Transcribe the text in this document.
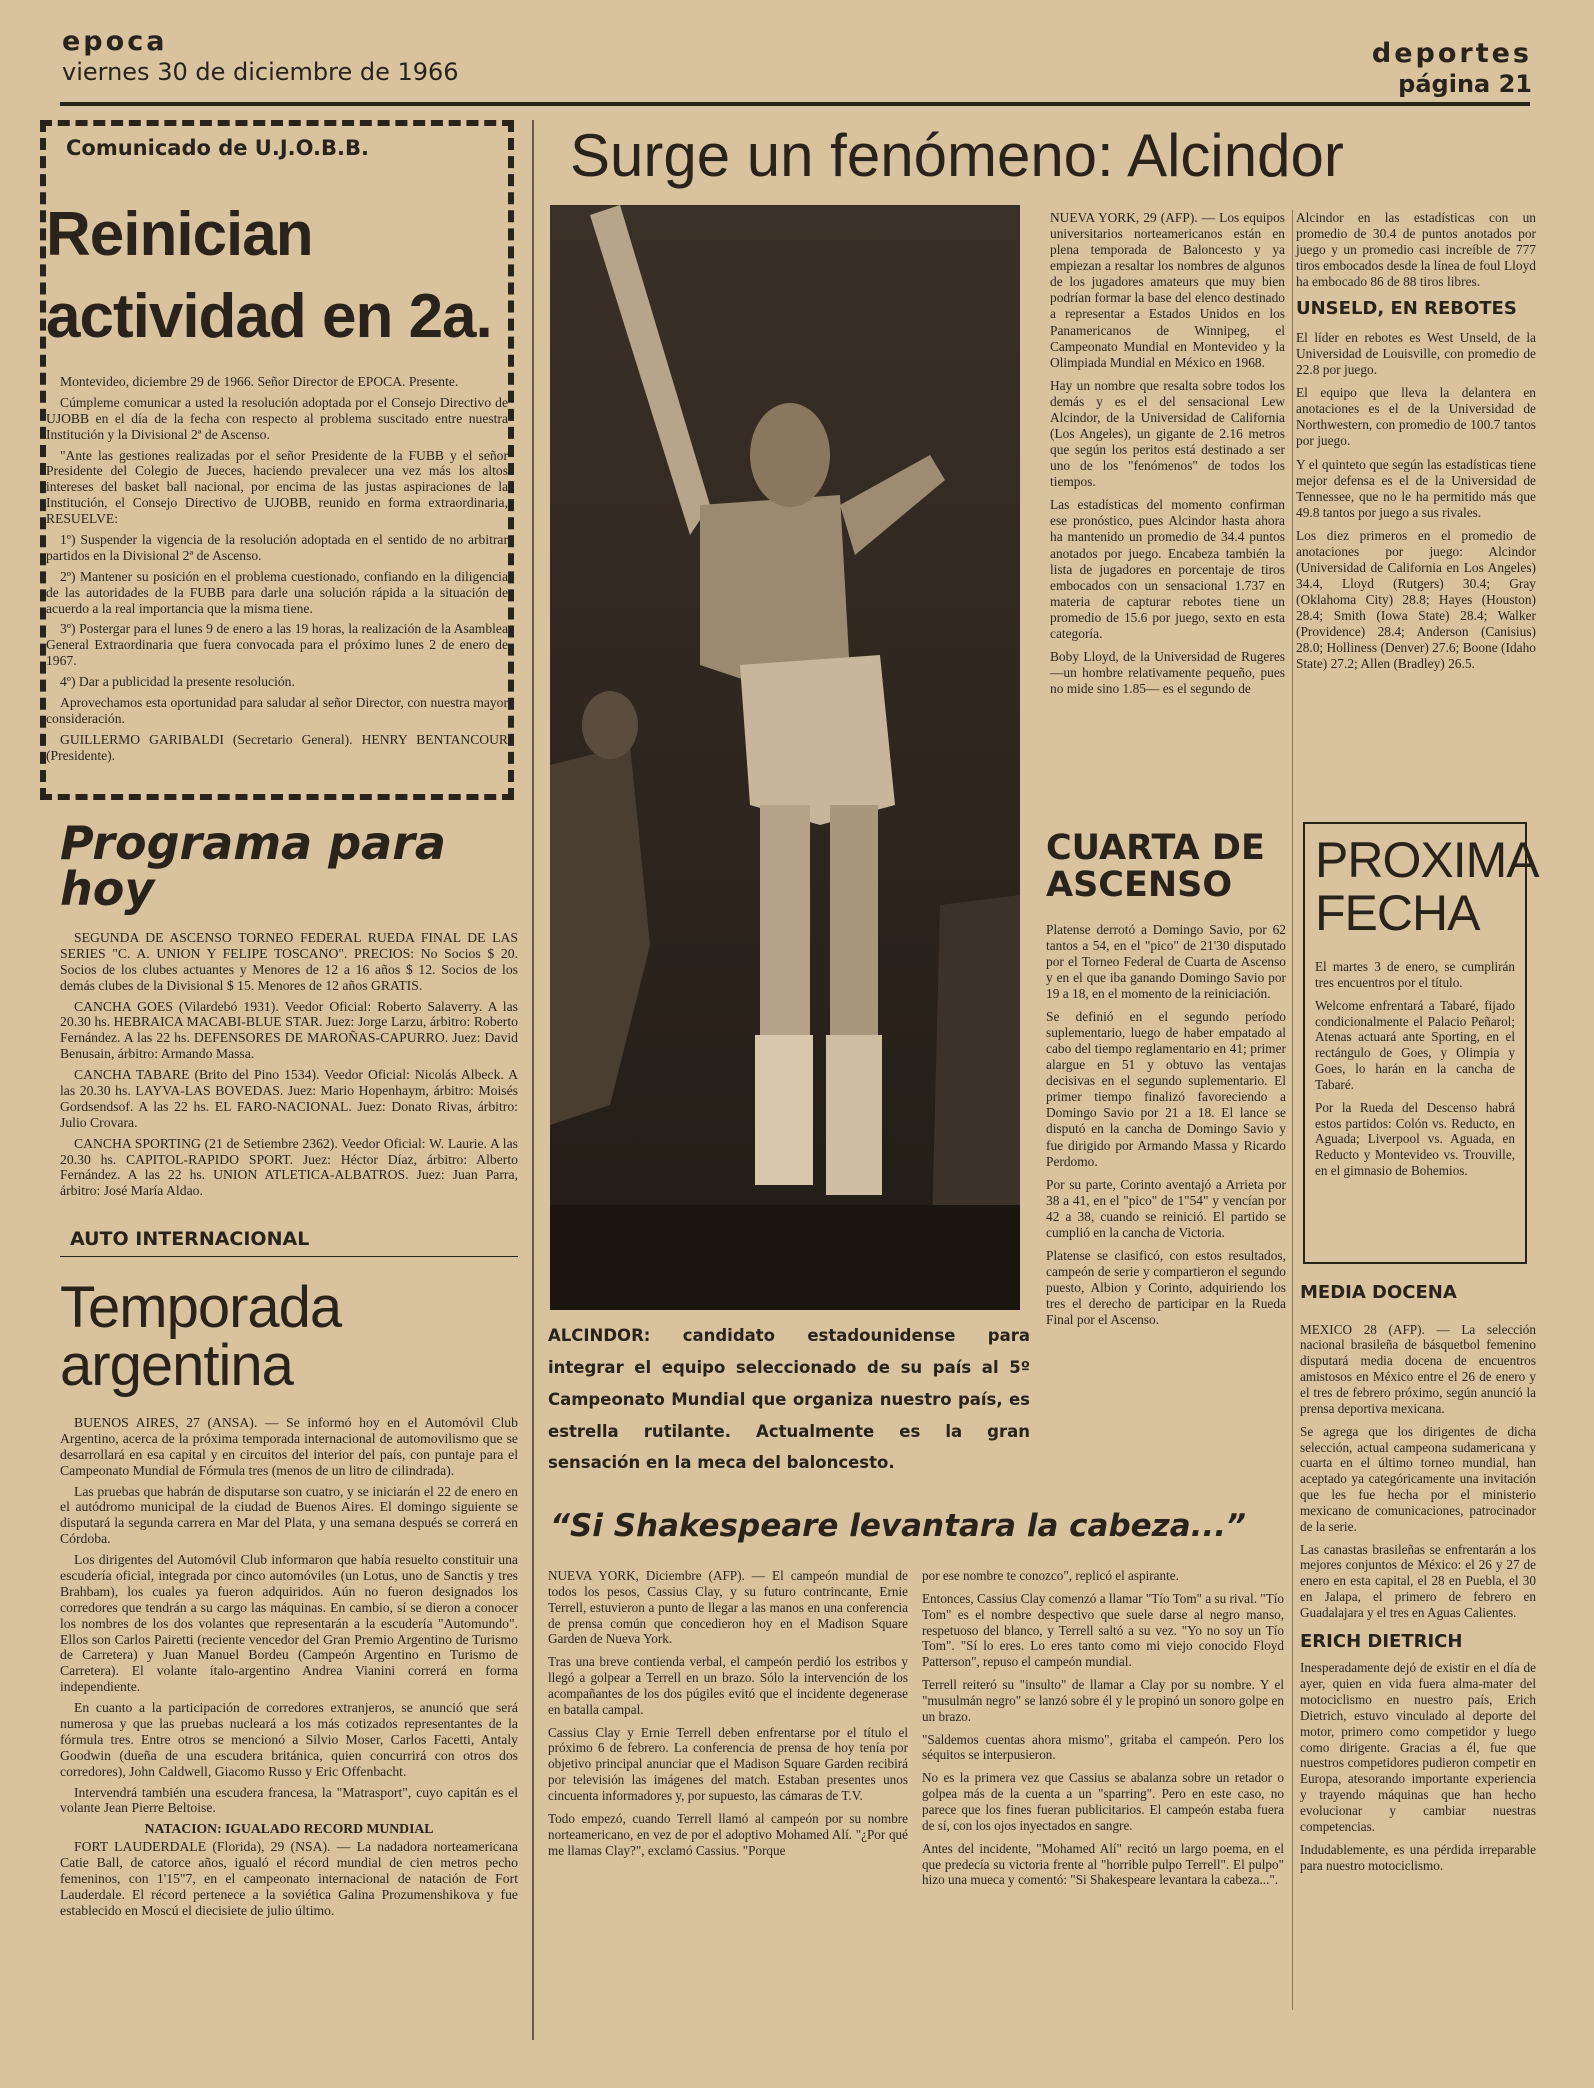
epoca
viernes 30 de diciembre de 1966
deportes
página 21
Comunicado de U.J.O.B.B.
Reinician
actividad en 2a.

Montevideo, diciembre 29 de 1966. Señor Director de EPOCA. Presente.

Cúmpleme comunicar a usted la resolución adoptada por el Consejo Directivo de UJOBB en el día de la fecha con respecto al problema suscitado entre nuestra Institución y la Divisional 2ª de Ascenso.

"Ante las gestiones realizadas por el señor Presidente de la FUBB y el señor Presidente del Colegio de Jueces, haciendo prevalecer una vez más los altos intereses del basket ball nacional, por encima de las justas aspiraciones de la Institución, el Consejo Directivo de UJOBB, reunido en forma extraordinaria, RESUELVE:

1º) Suspender la vigencia de la resolución adoptada en el sentido de no arbitrar partidos en la Divisional 2ª de Ascenso.

2º) Mantener su posición en el problema cuestionado, confiando en la diligencia de las autoridades de la FUBB para darle una solución rápida a la situación de acuerdo a la real importancia que la misma tiene.

3º) Postergar para el lunes 9 de enero a las 19 horas, la realización de la Asamblea General Extraordinaria que fuera convocada para el próximo lunes 2 de enero de 1967.

4º) Dar a publicidad la presente resolución.

Aprovechamos esta oportunidad para saludar al señor Director, con nuestra mayor consideración.

GUILLERMO GARIBALDI (Secretario General). HENRY BENTANCOUR (Presidente).

Programa para hoy

SEGUNDA DE ASCENSO TORNEO FEDERAL RUEDA FINAL DE LAS SERIES "C. A. UNION Y FELIPE TOSCANO". PRECIOS: No Socios $ 20. Socios de los clubes actuantes y Menores de 12 a 16 años $ 12. Socios de los demás clubes de la Divisional $ 15. Menores de 12 años GRATIS.

CANCHA GOES (Vilardebó 1931). Veedor Oficial: Roberto Salaverry. A las 20.30 hs. HEBRAICA MACABI-BLUE STAR. Juez: Jorge Larzu, árbitro: Roberto Fernández. A las 22 hs. DEFENSORES DE MAROÑAS-CAPURRO. Juez: David Benusain, árbitro: Armando Massa.

CANCHA TABARE (Brito del Pino 1534). Veedor Oficial: Nicolás Albeck. A las 20.30 hs. LAYVA-LAS BOVEDAS. Juez: Mario Hopenhaym, árbitro: Moisés Gordsendsof. A las 22 hs. EL FARO-NACIONAL. Juez: Donato Rivas, árbitro: Julio Crovara.

CANCHA SPORTING (21 de Setiembre 2362). Veedor Oficial: W. Laurie. A las 20.30 hs. CAPITOL-RAPIDO SPORT. Juez: Héctor Díaz, árbitro: Alberto Fernández. A las 22 hs. UNION ATLETICA-ALBATROS. Juez: Juan Parra, árbitro: José María Aldao.

AUTO INTERNACIONAL
Temporada argentina

BUENOS AIRES, 27 (ANSA). — Se informó hoy en el Automóvil Club Argentino, acerca de la próxima temporada internacional de automovilismo que se desarrollará en esa capital y en circuitos del interior del país, con puntaje para el Campeonato Mundial de Fórmula tres (menos de un litro de cilindrada).

Las pruebas que habrán de disputarse son cuatro, y se iniciarán el 22 de enero en el autódromo municipal de la ciudad de Buenos Aires. El domingo siguiente se disputará la segunda carrera en Mar del Plata, y una semana después se correrá en Córdoba.

Los dirigentes del Automóvil Club informaron que había resuelto constituir una escudería oficial, integrada por cinco automóviles (un Lotus, uno de Sanctis y tres Brahbam), los cuales ya fueron adquiridos. Aún no fueron designados los corredores que tendrán a su cargo las máquinas. En cambio, sí se dieron a conocer los nombres de los dos volantes que representarán a la escudería "Automundo". Ellos son Carlos Pairetti (reciente vencedor del Gran Premio Argentino de Turismo de Carretera) y Juan Manuel Bordeu (Campeón Argentino en Turismo de Carretera). El volante ítalo-argentino Andrea Vianini correrá en forma independiente.

En cuanto a la participación de corredores extranjeros, se anunció que será numerosa y que las pruebas nucleará a los más cotizados representantes de la fórmula tres. Entre otros se mencionó a Silvio Moser, Carlos Facetti, Antaly Goodwin (dueña de una escudera británica, quien concurrirá con otros dos corredores), John Caldwell, Giacomo Russo y Eric Offenbacht.

Intervendrá también una escudera francesa, la "Matrasport", cuyo capitán es el volante Jean Pierre Beltoise.

NATACION: IGUALADO RECORD MUNDIAL

FORT LAUDERDALE (Florida), 29 (NSA). — La nadadora norteamericana Catie Ball, de catorce años, igualó el récord mundial de cien metros pecho femeninos, con 1'15"7, en el campeonato internacional de natación de Fort Lauderdale. El récord pertenece a la soviética Galina Prozumenshikova y fue establecido en Moscú el diecisiete de julio último.

Surge un fenómeno: Alcindor
ALCINDOR: candidato estadounidense para integrar el equipo seleccionado de su país al 5º Campeonato Mundial que organiza nuestro país, es estrella rutilante. Actualmente es la gran sensación en la meca del baloncesto.

NUEVA YORK, 29 (AFP). — Los equipos universitarios norteamericanos están en plena temporada de Baloncesto y ya empiezan a resaltar los nombres de algunos de los jugadores amateurs que muy bien podrían formar la base del elenco destinado a representar a Estados Unidos en los Panamericanos de Winnipeg, el Campeonato Mundial en Montevideo y la Olimpiada Mundial en México en 1968.

Hay un nombre que resalta sobre todos los demás y es el del sensacional Lew Alcindor, de la Universidad de California (Los Angeles), un gigante de 2.16 metros que según los peritos está destinado a ser uno de los "fenómenos" de todos los tiempos.

Las estadísticas del momento confirman ese pronóstico, pues Alcindor hasta ahora ha mantenido un promedio de 34.4 puntos anotados por juego. Encabeza también la lista de jugadores en porcentaje de tiros embocados con un sensacional 1.737 en materia de capturar rebotes tiene un promedio de 15.6 por juego, sexto en esta categoría.

Boby Lloyd, de la Universidad de Rugeres —un hombre relativamente pequeño, pues no mide sino 1.85— es el segundo de

Alcindor en las estadísticas con un promedio de 30.4 de puntos anotados por juego y un promedio casi increíble de 777 tiros embocados desde la línea de foul Lloyd ha embocado 86 de 88 tiros libres.

UNSELD, EN REBOTES

El líder en rebotes es West Unseld, de la Universidad de Louisville, con promedio de 22.8 por juego.

El equipo que lleva la delantera en anotaciones es el de la Universidad de Northwestern, con promedio de 100.7 tantos por juego.

Y el quinteto que según las estadísticas tiene mejor defensa es el de la Universidad de Tennessee, que no le ha permitido más que 49.8 tantos por juego a sus rivales.

Los diez primeros en el promedio de anotaciones por juego: Alcindor (Universidad de California en Los Angeles) 34.4, Lloyd (Rutgers) 30.4; Gray (Oklahoma City) 28.8; Hayes (Houston) 28.4; Smith (Iowa State) 28.4; Walker (Providence) 28.4; Anderson (Canisius) 28.0; Holliness (Denver) 27.6; Boone (Idaho State) 27.2; Allen (Bradley) 26.5.

CUARTA DE
ASCENSO

Platense derrotó a Domingo Savio, por 62 tantos a 54, en el "pico" de 21'30 disputado por el Torneo Federal de Cuarta de Ascenso y en el que iba ganando Domingo Savio por 19 a 18, en el momento de la reiniciación.

Se definió en el segundo período suplementario, luego de haber empatado al cabo del tiempo reglamentario en 41; primer alargue en 51 y obtuvo las ventajas decisivas en el segundo suplementario. El primer tiempo finalizó favoreciendo a Domingo Savio por 21 a 18. El lance se disputó en la cancha de Domingo Savio y fue dirigido por Armando Massa y Ricardo Perdomo.

Por su parte, Corinto aventajó a Arrieta por 38 a 41, en el "pico" de 1"54" y vencían por 42 a 38, cuando se reinició. El partido se cumplió en la cancha de Victoria.

Platense se clasificó, con estos resultados, campeón de serie y compartieron el segundo puesto, Albion y Corinto, adquiriendo los tres el derecho de participar en la Rueda Final por el Ascenso.

PROXIMA
FECHA

El martes 3 de enero, se cumplirán tres encuentros por el título.

Welcome enfrentará a Tabaré, fijado condicionalmente el Palacio Peñarol; Atenas actuará ante Sporting, en el rectángulo de Goes, y Olimpia y Goes, lo harán en la cancha de Tabaré.

Por la Rueda del Descenso habrá estos partidos: Colón vs. Reducto, en Aguada; Liverpool vs. Aguada, en Reducto y Montevideo vs. Trouville, en el gimnasio de Bohemios.

MEDIA DOCENA

MEXICO 28 (AFP). — La selección nacional brasileña de básquetbol femenino disputará media docena de encuentros amistosos en México entre el 26 de enero y el tres de febrero próximo, según anunció la prensa deportiva mexicana.

Se agrega que los dirigentes de dicha selección, actual campeona sudamericana y cuarta en el último torneo mundial, han aceptado ya categóricamente una invitación que les fue hecha por el ministerio mexicano de comunicaciones, patrocinador de la serie.

Las canastas brasileñas se enfrentarán a los mejores conjuntos de México: el 26 y 27 de enero en esta capital, el 28 en Puebla, el 30 en Jalapa, el primero de febrero en Guadalajara y el tres en Aguas Calientes.

ERICH DIETRICH

Inesperadamente dejó de existir en el día de ayer, quien en vida fuera alma-mater del motociclismo en nuestro país, Erich Dietrich, estuvo vinculado al deporte del motor, primero como competidor y luego como dirigente. Gracias a él, fue que nuestros competidores pudieron competir en Europa, atesorando importante experiencia y trayendo máquinas que han hecho evolucionar y cambiar nuestras competencias.

Indudablemente, es una pérdida irreparable para nuestro motociclismo.

“Si Shakespeare levantara la cabeza...”

NUEVA YORK, Diciembre (AFP). — El campeón mundial de todos los pesos, Cassius Clay, y su futuro contrincante, Ernie Terrell, estuvieron a punto de llegar a las manos en una conferencia de prensa común que concedieron hoy en el Madison Square Garden de Nueva York.

Tras una breve contienda verbal, el campeón perdió los estribos y llegó a golpear a Terrell en un brazo. Sólo la intervención de los acompañantes de los dos púgiles evitó que el incidente degenerase en batalla campal.

Cassius Clay y Ernie Terrell deben enfrentarse por el título el próximo 6 de febrero. La conferencia de prensa de hoy tenía por objetivo principal anunciar que el Madison Square Garden recibirá por televisión las imágenes del match. Estaban presentes unos cincuenta informadores y, por supuesto, las cámaras de T.V.

Todo empezó, cuando Terrell llamó al campeón por su nombre norteamericano, en vez de por el adoptivo Mohamed Alí. "¿Por qué me llamas Clay?", exclamó Cassius. "Porque

por ese nombre te conozco", replicó el aspirante.

Entonces, Cassius Clay comenzó a llamar "Tío Tom" a su rival. "Tío Tom" es el nombre despectivo que suele darse al negro manso, respetuoso del blanco, y Terrell saltó a su vez. "Yo no soy un Tío Tom". "Sí lo eres. Lo eres tanto como mi viejo conocido Floyd Patterson", repuso el campeón mundial.

Terrell reiteró su "insulto" de llamar a Clay por su nombre. Y el "musulmán negro" se lanzó sobre él y le propinó un sonoro golpe en un brazo.

"Saldemos cuentas ahora mismo", gritaba el campeón. Pero los séquitos se interpusieron.

No es la primera vez que Cassius se abalanza sobre un retador o golpea más de la cuenta a un "sparring". Pero en este caso, no parece que los fines fueran publicitarios. El campeón estaba fuera de sí, con los ojos inyectados en sangre.

Antes del incidente, "Mohamed Alí" recitó un largo poema, en el que predecía su victoria frente al "horrible pulpo Terrell". El pulpo" hizo una mueca y comentó: "Si Shakespeare levantara la cabeza...".
